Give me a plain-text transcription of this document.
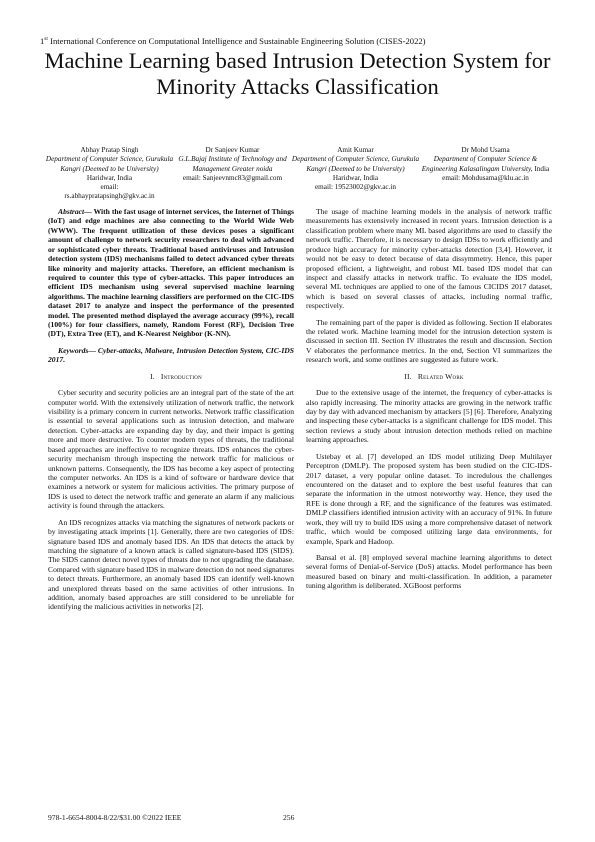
1st International Conference on Computational Intelligence and Sustainable Engineering Solution (CISES-2022)
Machine Learning based Intrusion Detection System for Minority Attacks Classification
Abhay Pratap Singh
Department of Computer Science, Gurukula Kangri (Deemed to be University)
Haridwar, India
email:
rs.abhaypratapsingh@gkv.ac.in
Dr Sanjeev Kumar
G.L.Bajaj Institute of Technology and Management Greater noida
email: Sanjeevnmc83@gmail.com
Amit Kumar
Department of Computer Science, Gurukula Kangri (Deemed to be University)
Haridwar, India
email: 19523002@gkv.ac.in
Dr Mohd Usama
Department of Computer Science & Engineering Kalasalingam University, India
email: Mohdusama@klu.ac.in

Abstract— With the fast usage of internet services, the Internet of Things (IoT) and edge machines are also connecting to the World Wide Web (WWW). The frequent utilization of these devices poses a significant amount of challenge to network security researchers to deal with advanced or sophisticated cyber threats. Traditional based antiviruses and Intrusion detection system (IDS) mechanisms failed to detect advanced cyber threats like minority and majority attacks. Therefore, an efficient mechanism is required to counter this type of cyber-attacks. This paper introduces an efficient IDS mechanism using several supervised machine learning algorithms. The machine learning classifiers are performed on the CIC-IDS dataset 2017 to analyze and inspect the performance of the presented model. The presented method displayed the average accuracy (99%), recall (100%) for four classifiers, namely, Random Forest (RF), Decision Tree (DT), Extra Tree (ET), and K-Nearest Neighbor (K-NN).

Keywords— Cyber-attacks, Malware, Intrusion Detection System, CIC-IDS 2017.

I. Introduction

Cyber security and security policies are an integral part of the state of the art computer world. With the extensively utilization of network traffic, the network visibility is a primary concern in current networks. Network traffic classification is essential to several applications such as intrusion detection, and malware detection. Cyber-attacks are expanding day by day, and their impact is getting more and more destructive. To counter modern types of threats, the traditional based approaches are ineffective to recognize threats. IDS enhances the cyber-security mechanism through inspecting the network traffic for malicious or unknown patterns. Consequently, the IDS has become a key aspect of protecting the computer networks. An IDS is a kind of software or hardware device that examines a network or system for malicious activities. The primary purpose of IDS is used to detect the network traffic and generate an alarm if any malicious activity is found through the attackers.

An IDS recognizes attacks via matching the signatures of network packets or by investigating attack imprints [1]. Generally, there are two categories of IDS: signature based IDS and anomaly based IDS. An IDS that detects the attack by matching the signature of a known attack is called signature-based IDS (SIDS). The SIDS cannot detect novel types of threats due to not upgrading the database. Compared with signature based IDS in malware detection do not need signatures to detect threats. Furthermore, an anomaly based IDS can identify well-known and unexplored threats based on the same activities of other intrusions. In addition, anomaly based approaches are still considered to be unreliable for identifying the malicious activities in networks [2].

The usage of machine learning models in the analysis of network traffic measurements has extensively increased in recent years. Intrusion detection is a classification problem where many ML based algorithms are used to classify the network traffic. Therefore, it is necessary to design IDSs to work efficiently and produce high accuracy for minority cyber-attacks detection [3,4]. However, it would not be easy to detect because of data dissymmetry. Hence, this paper proposed efficient, a lightweight, and robust ML based IDS model that can inspect and classify attacks in network traffic. To evaluate the IDS model, several ML techniques are applied to one of the famous CICIDS 2017 dataset, which is based on several classes of attacks, including normal traffic, respectively.

The remaining part of the paper is divided as following. Section II elaborates the related work. Machine learning model for the intrusion detection system is discussed in section III. Section IV illustrates the result and discussion. Section V elaborates the performance metrics. In the end, Section VI summarizes the research work, and some outlines are suggested as future work.

II. Related Work

Due to the extensive usage of the internet, the frequency of cyber-attacks is also rapidly increasing. The minority attacks are growing in the network traffic day by day with advanced mechanism by attackers [5] [6]. Therefore, Analyzing and inspecting these cyber-attacks is a significant challenge for IDS model. This section reviews a study about intrusion detection methods relied on machine learning approaches.

Ustebay et al. [7] developed an IDS model utilizing Deep Multilayer Perceptron (DMLP). The proposed system has been studied on the CIC-IDS-2017 dataset, a very popular online dataset. To incredulous the challenges encountered on the dataset and to explore the best useful features that can separate the information in the utmost noteworthy way. Hence, they used the RFE is done through a RF, and the significance of the features was estimated. DMLP classifiers identified intrusion activity with an accuracy of 91%. In future work, they will try to build IDS using a more comprehensive dataset of network traffic, which would be composed utilizing large data environments, for example, Spark and Hadoop.

Bansal et al. [8] employed several machine learning algorithms to detect several forms of Denial-of-Service (DoS) attacks. Model performance has been measured based on binary and multi-classification. In addition, a parameter tuning algorithm is deliberated. XGBoost performs

978-1-6654-8004-8/22/$31.00 ©2022 IEEE	256
